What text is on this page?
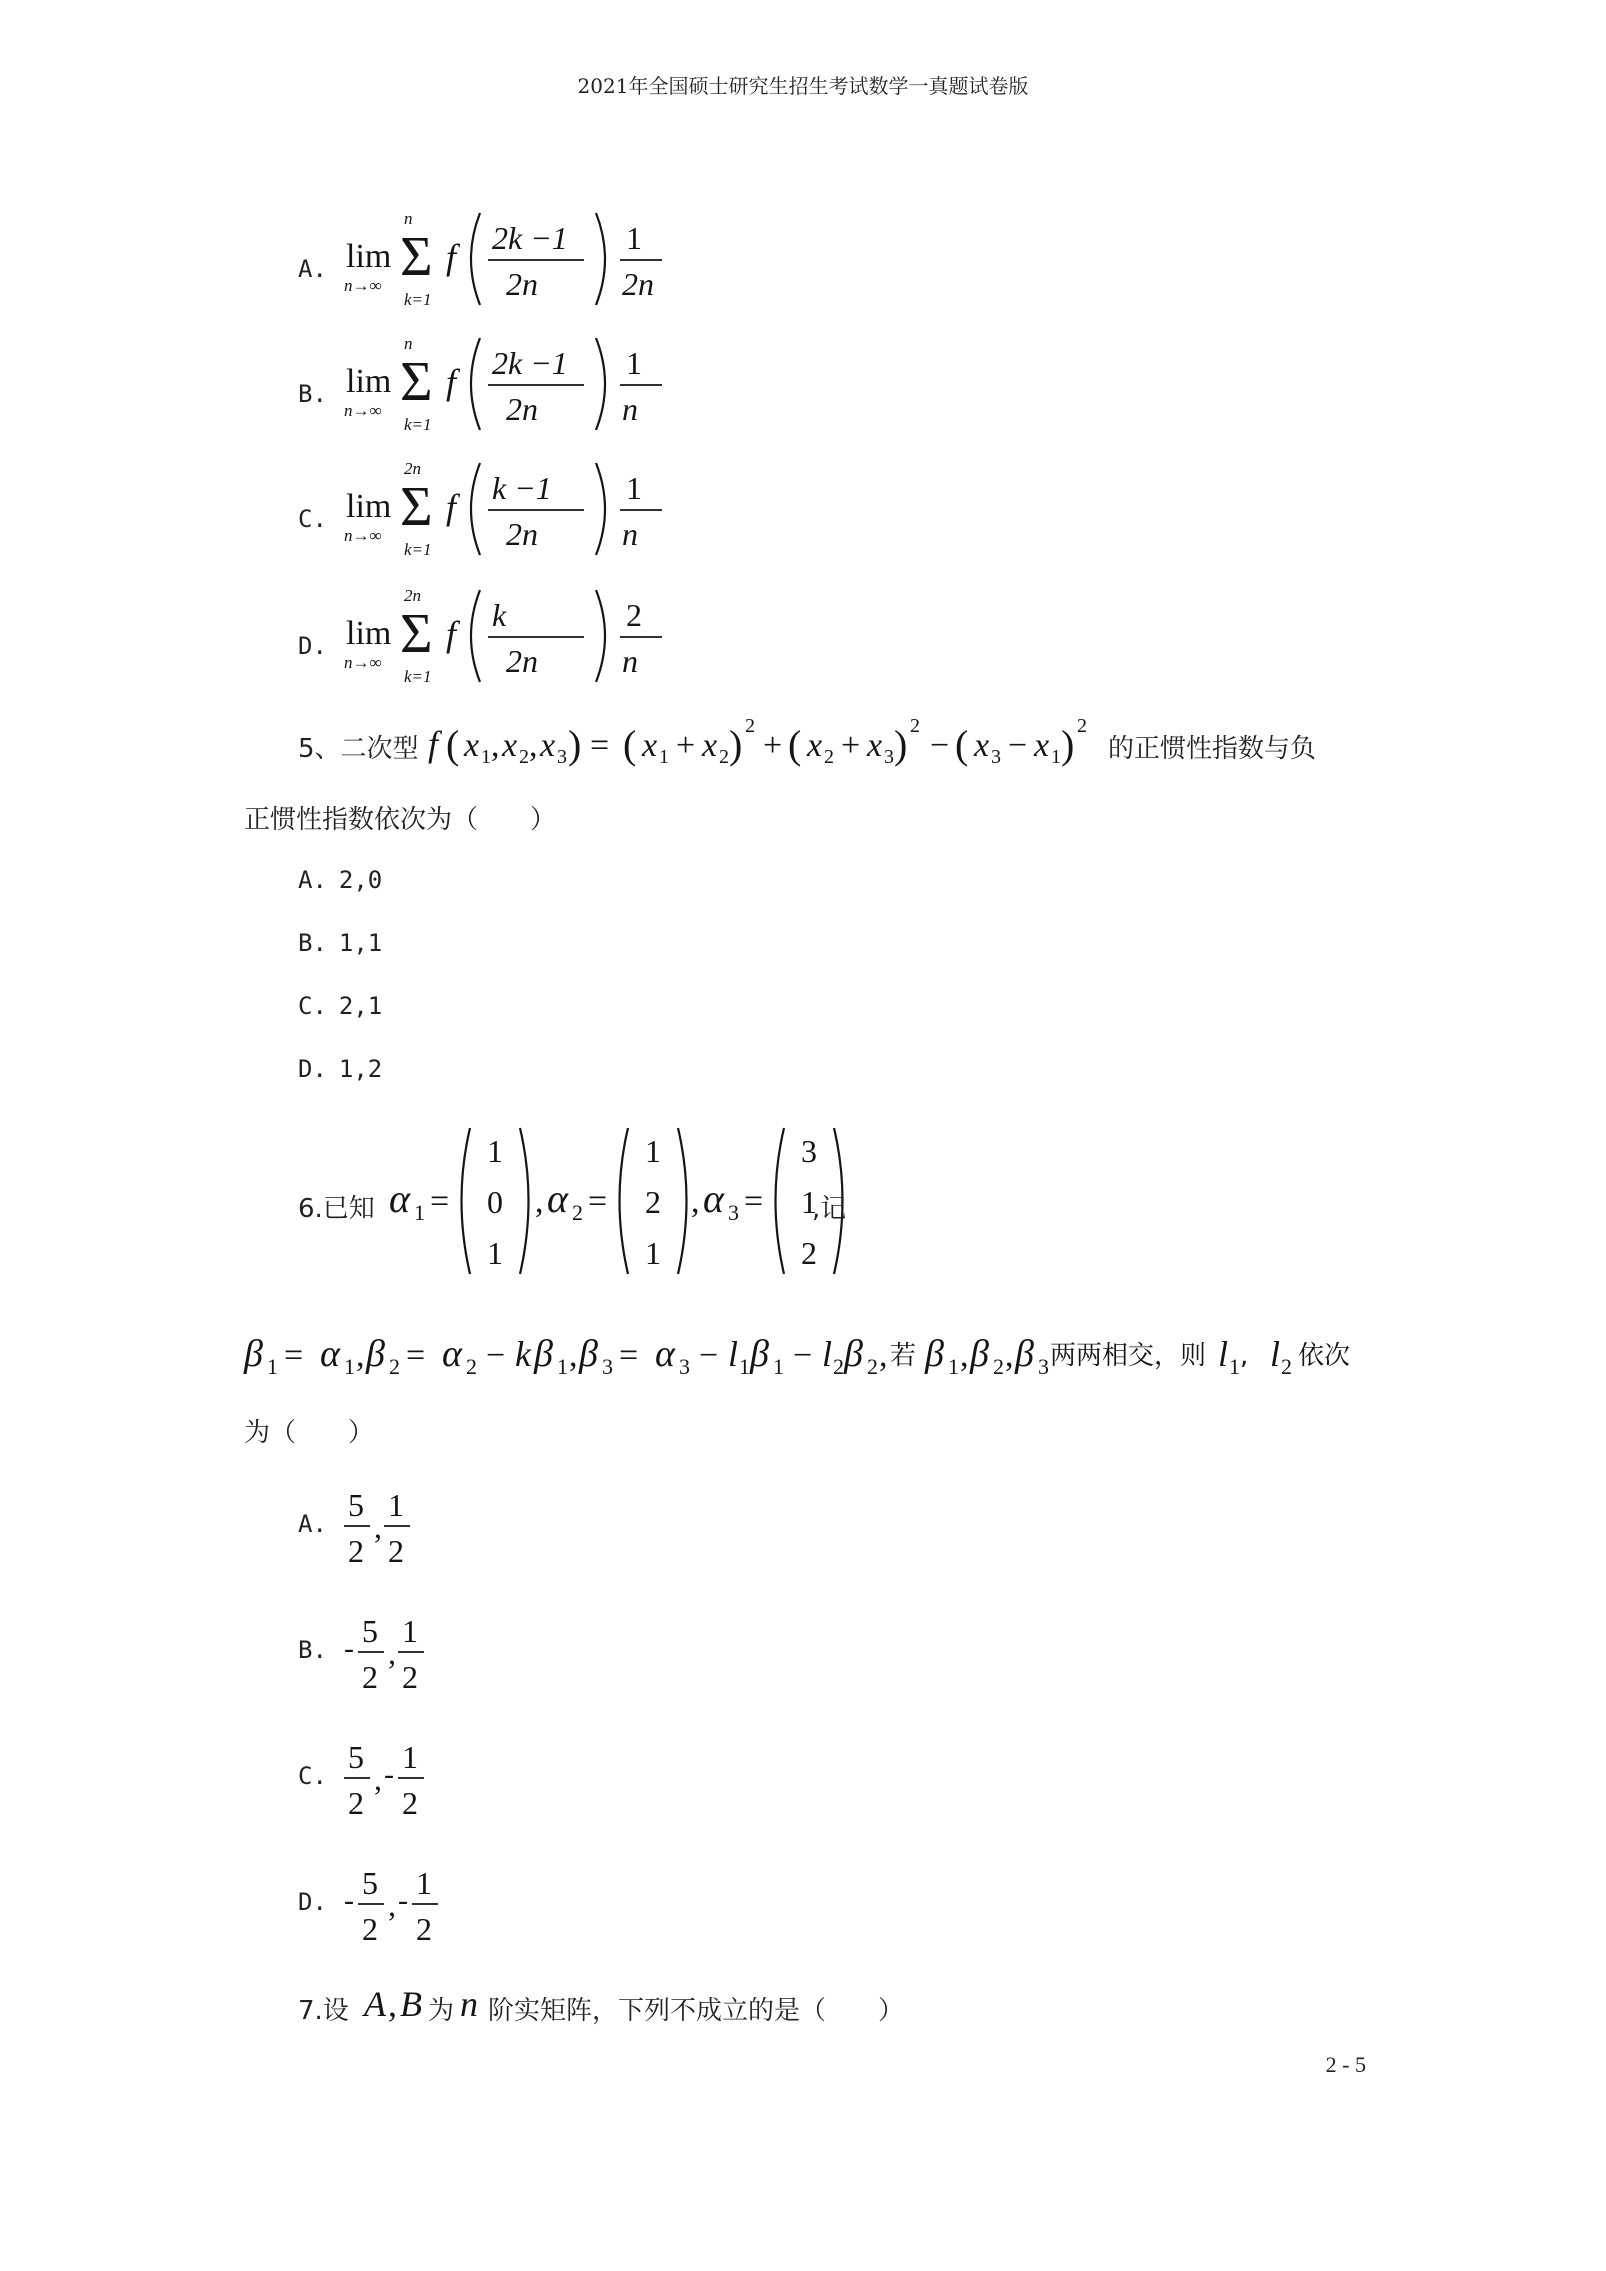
2021年全国硕士研究生招生考试数学一真题试卷版
A. lim
n→∞
n
Σ
k=1
f 2k −1
2n
1
2n
B. lim
n→∞
n
Σ
k=1
f 2k −1
2n
1
n
C. lim
n→∞
2n
Σ
k=1
f k −1
2n
1
n
D. lim
n→∞
2n
Σ
k=1
f k
2n
2
n
5、二次型 f ( x 1 , x 2 , x 3 ) = ( x 1 + x 2 ) 2
+ ( x 2 + x 3 ) 2
− ( x 3 − x 1 ) 2
的正惯性指数与负
正惯性指数依次为（　　）
A. 2,0
B. 1,1
C. 2,1
D. 1,2
6.已知 α 1 =
1
0
1
, α 2 =
1
2
1
, α 3 =
3
1
2
,记
β 1 = α 1 , β 2 = α 2 − k β 1 , β 3 = α 3 − l 1 β 1 − l 2 β 2 , 若 β 1 , β 2 , β 3 两两相交，则 l 1 , l 2 依次
为（　　）
A.
5
2
,
1
2
B. - 5
2
,
1
2
C.
5
2
, - 1
2
D. - 5
2
, - 1
2
7.设 A , B 为 n 阶实矩阵，下列不成立的是（　　）
2 - 5
